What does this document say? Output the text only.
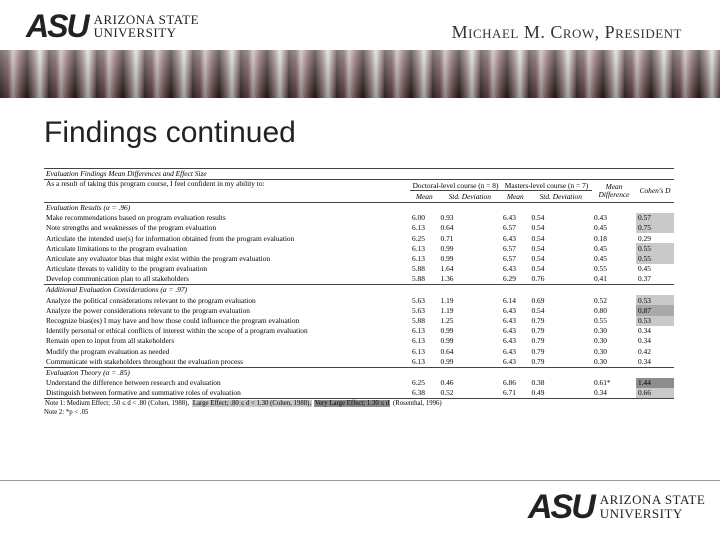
ASU ARIZONA STATE
UNIVERSITY	Michael M. Crow, President
Findings continued
Evaluation Findings Mean Differences and Effect Size						
As a result of taking this program course, I feel confident in my ability to:	Doctoral-level course (n = 8)		Masters-level course (n = 7)		Mean Difference	Cohen's D
	Mean	Std. Deviation	Mean	Std. Deviation		
Evaluation Results (α = .96)						
Make recommendations based on program evaluation results	6.00	0.93	6.43	0.54	0.43	0.57
Note strengths and weaknesses of the program evaluation	6.13	0.64	6.57	0.54	0.45	0.75
Articulate the intended use(s) for information obtained from the program evaluation	6.25	0.71	6.43	0.54	0.18	0.29
Articulate limitations to the program evaluation	6.13	0.99	6.57	0.54	0.45	0.55
Articulate any evaluator bias that might exist within the program evaluation	6.13	0.99	6.57	0.54	0.45	0.55
Articulate threats to validity to the program evaluation	5.88	1.64	6.43	0.54	0.55	0.45
Develop communication plan to all stakeholders	5.88	1.36	6.29	0.76	0.41	0.37
Additional Evaluation Considerations (α = .97)						
Analyze the political considerations relevant to the program evaluation	5.63	1.19	6.14	0.69	0.52	0.53
Analyze the power considerations relevant to the program evaluation	5.63	1.19	6.43	0.54	0.80	0.87
Recognize bias(es) I may have and how those could influence the program evaluation	5.88	1.25	6.43	0.79	0.55	0.53
Identify personal or ethical conflicts of interest within the scope of a program evaluation	6.13	0.99	6.43	0.79	0.30	0.34
Remain open to input from all stakeholders	6.13	0.99	6.43	0.79	0.30	0.34
Modify the program evaluation as needed	6.13	0.64	6.43	0.79	0.30	0.42
Communicate with stakeholders throughout the evaluation process	6.13	0.99	6.43	0.79	0.30	0.34
Evaluation Theory (α = .85)						
Understand the difference between research and evaluation	6.25	0.46	6.86	0.38	0.61*	1.44
Distinguish between formative and summative roles of evaluation	6.38	0.52	6.71	0.49	0.34	0.66
Note 1: Medium Effect; .50 ≤ d < .80 (Cohen, 1988), Large Effect; .80 ≤ d < 1.30 (Cohen, 1988), Very Large Effect; 1.30 ≤ d (Rosenthal, 1996)
Note 2: *p < .05
ASU ARIZONA STATE
UNIVERSITY
